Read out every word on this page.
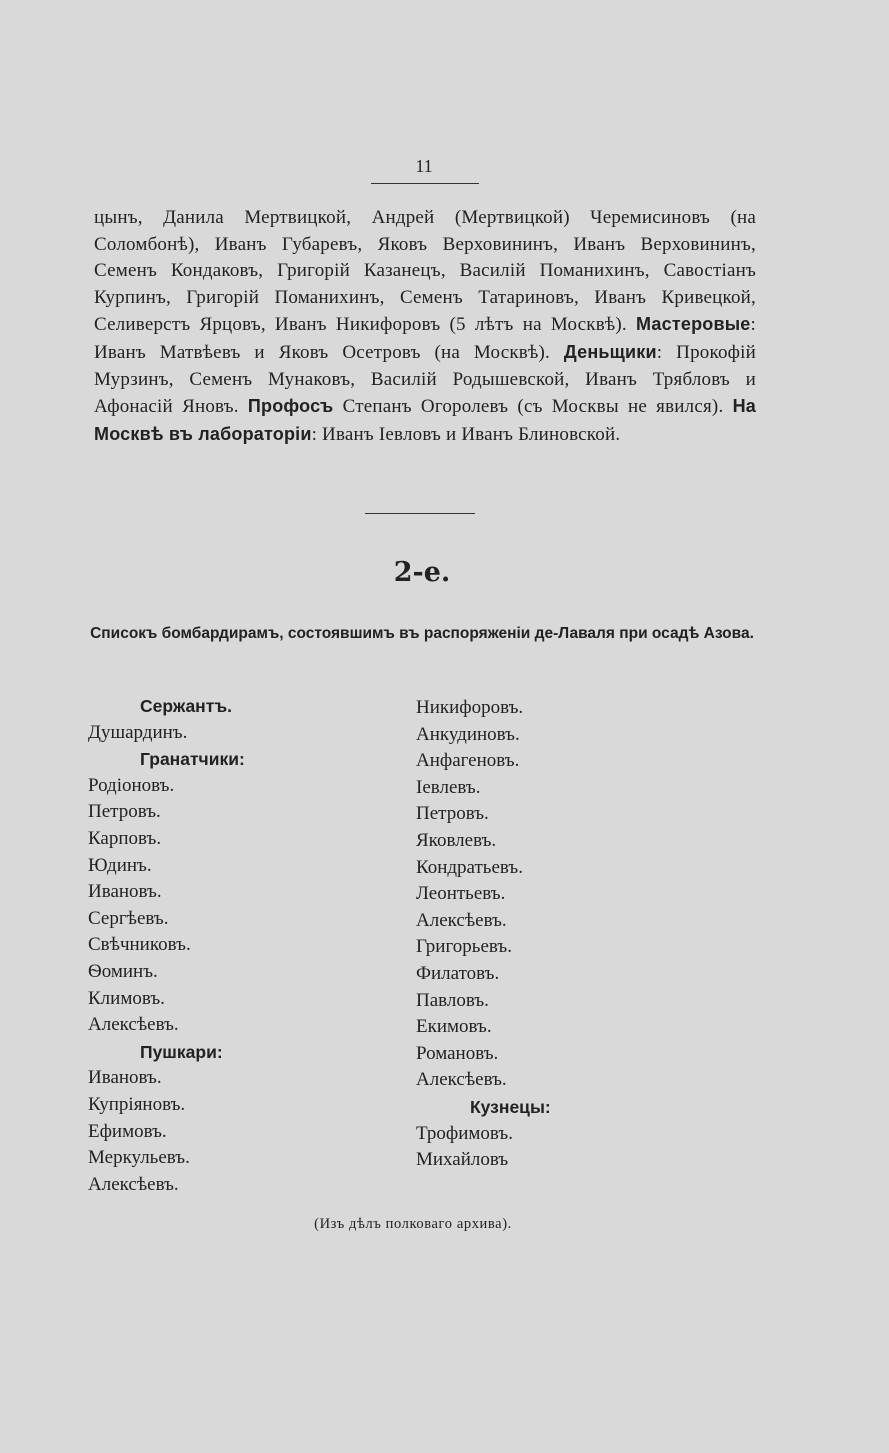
11
цынъ, Данила Мертвицкой, Андрей (Мертвицкой) Черемисиновъ (на Соломбонѣ), Иванъ Губаревъ, Яковъ Верховининъ, Иванъ Верховининъ, Семенъ Кондаковъ, Григорій Казанецъ, Василій Поманихинъ, Савостіанъ Курпинъ, Григорій Поманихинъ, Семенъ Татариновъ, Иванъ Кривецкой, Селиверстъ Ярцовъ, Иванъ Никифоровъ (5 лѣтъ на Москвѣ). Мастеровые: Иванъ Матвѣевъ и Яковъ Осетровъ (на Москвѣ). Деньщики: Прокофій Мурзинъ, Семенъ Мунаковъ, Василій Родышевской, Иванъ Трябловъ и Афонасій Яновъ. Профосъ Степанъ Огоролевъ (съ Москвы не явился). На Москвѣ въ лабораторіи: Иванъ Іевловъ и Иванъ Блиновской.
2-е.
Списокъ бомбардирамъ, состоявшимъ въ распоряженіи де-Лаваля при осадѣ Азова.
Сержантъ.
Душардинъ.
Гранатчики:
Родіоновъ.
Петровъ.
Карповъ.
Юдинъ.
Ивановъ.
Сергѣевъ.
Свѣчниковъ.
Ѳоминъ.
Климовъ.
Алексѣевъ.
Пушкари:
Ивановъ.
Купріяновъ.
Ефимовъ.
Меркульевъ.
Алексѣевъ.
Никифоровъ.
Анкудиновъ.
Анфагеновъ.
Іевлевъ.
Петровъ.
Яковлевъ.
Кондратьевъ.
Леонтьевъ.
Алексѣевъ.
Григорьевъ.
Филатовъ.
Павловъ.
Екимовъ.
Романовъ.
Алексѣевъ.
Кузнецы:
Трофимовъ.
Михайловъ
(Изъ дѣлъ полковаго архива).
